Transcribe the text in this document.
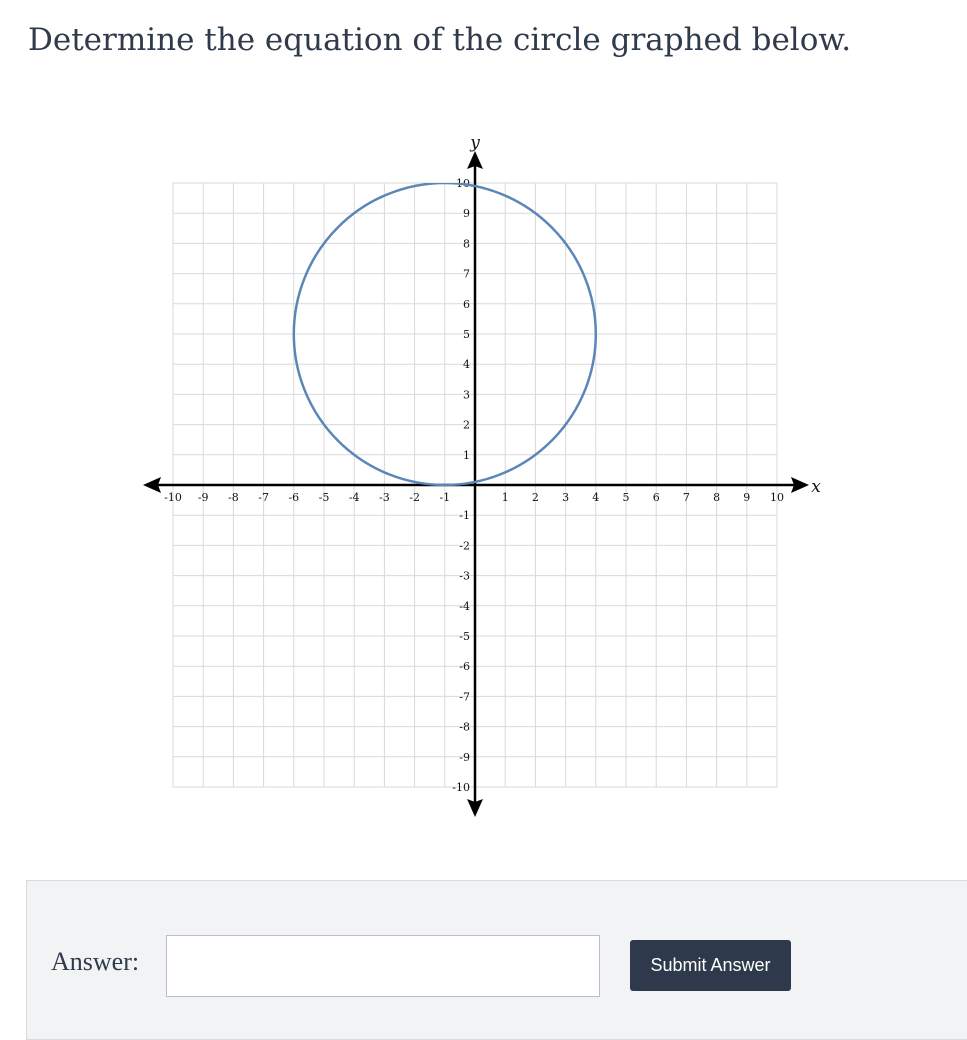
Determine the equation of the circle graphed below.
-10 -9 -8 -7 -6 -5 -4 -3 -2 -1	1 2 3 4 5 6 7 8 9 10
10
9
8
7
6
5
4
3
2
1
-1
-2
-3
-4
-5
-6
-7
-8
-9
-10
x
y
Answer:	Submit Answer
